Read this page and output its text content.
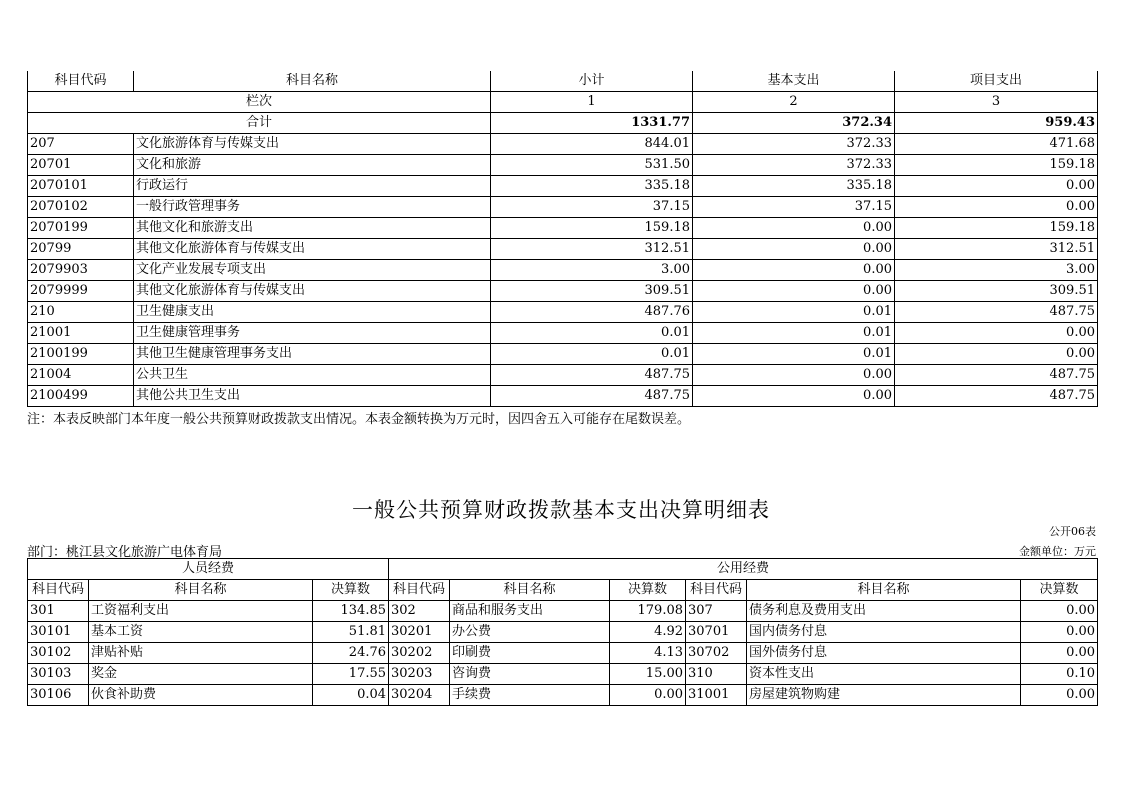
科目代码	科目名称	小计	基本支出	项目支出
栏次		1	2	3
合计		1331.77	372.34	959.43
207	文化旅游体育与传媒支出	844.01	372.33	471.68
20701	文化和旅游	531.50	372.33	159.18
2070101	行政运行	335.18	335.18	0.00
2070102	一般行政管理事务	37.15	37.15	0.00
2070199	其他文化和旅游支出	159.18	0.00	159.18
20799	其他文化旅游体育与传媒支出	312.51	0.00	312.51
2079903	文化产业发展专项支出	3.00	0.00	3.00
2079999	其他文化旅游体育与传媒支出	309.51	0.00	309.51
210	卫生健康支出	487.76	0.01	487.75
21001	卫生健康管理事务	0.01	0.01	0.00
2100199	其他卫生健康管理事务支出	0.01	0.01	0.00
21004	公共卫生	487.75	0.00	487.75
2100499	其他公共卫生支出	487.75	0.00	487.75
注：本表反映部门本年度一般公共预算财政拨款支出情况。本表金额转换为万元时，因四舍五入可能存在尾数误差。
一般公共预算财政拨款基本支出决算明细表
公开06表
部门：桃江县文化旅游广电体育局	金额单位：万元
人员经费			公用经费					
科目代码	科目名称	决算数	科目代码	科目名称	决算数	科目代码	科目名称	决算数
301	工资福利支出	134.85	302	商品和服务支出	179.08	307	债务利息及费用支出	0.00
30101	基本工资	51.81	30201	办公费	4.92	30701	国内债务付息	0.00
30102	津贴补贴	24.76	30202	印刷费	4.13	30702	国外债务付息	0.00
30103	奖金	17.55	30203	咨询费	15.00	310	资本性支出	0.10
30106	伙食补助费	0.04	30204	手续费	0.00	31001	房屋建筑物购建	0.00
